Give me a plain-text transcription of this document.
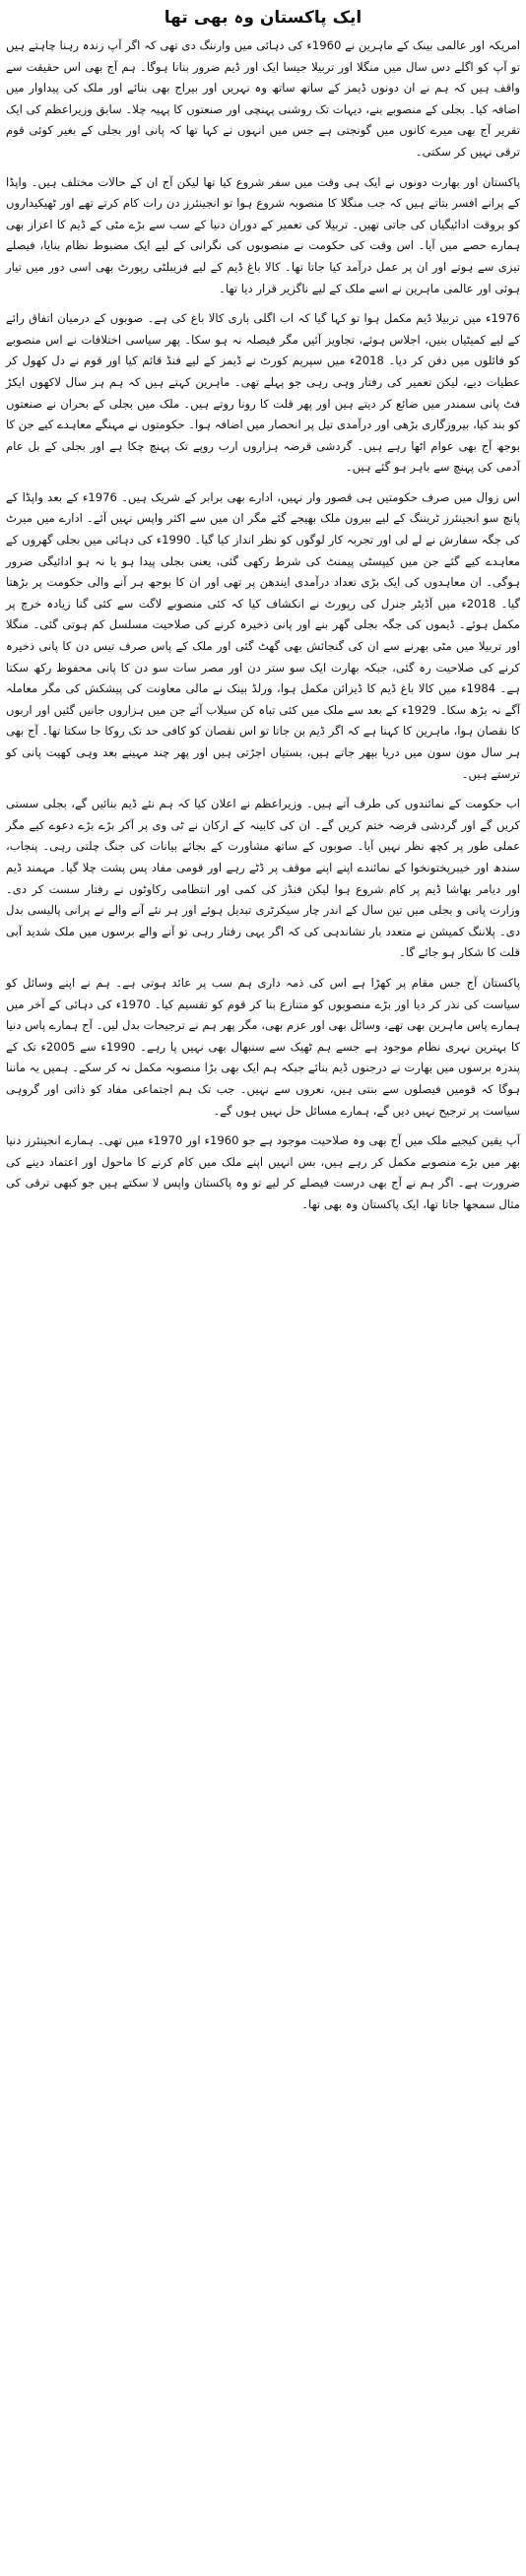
ایک پاکستان وہ بھی تھا

امریکہ اور عالمی بینک کے ماہرین نے 1960ء کی دہائی میں وارننگ دی تھی کہ اگر آپ زندہ رہنا چاہتے ہیں تو آپ کو اگلے دس سال میں منگلا اور تربیلا جیسا ایک اور ڈیم ضرور بنانا ہوگا۔ ہم آج بھی اس حقیقت سے واقف ہیں کہ ہم نے ان دونوں ڈیمز کے ساتھ ساتھ وہ نہریں اور بیراج بھی بنائے اور ملک کی پیداوار میں اضافہ کیا۔ بجلی کے منصوبے بنے، دیہات تک روشنی پہنچی اور صنعتوں کا پہیہ چلا۔ سابق وزیراعظم کی ایک تقریر آج بھی میرے کانوں میں گونجتی ہے جس میں انہوں نے کہا تھا کہ پانی اور بجلی کے بغیر کوئی قوم ترقی نہیں کر سکتی۔

پاکستان اور بھارت دونوں نے ایک ہی وقت میں سفر شروع کیا تھا لیکن آج ان کے حالات مختلف ہیں۔ واپڈا کے پرانے افسر بتاتے ہیں کہ جب منگلا کا منصوبہ شروع ہوا تو انجینئرز دن رات کام کرتے تھے اور ٹھیکیداروں کو بروقت ادائیگیاں کی جاتی تھیں۔ تربیلا کی تعمیر کے دوران دنیا کے سب سے بڑے مٹی کے ڈیم کا اعزاز بھی ہمارے حصے میں آیا۔ اس وقت کی حکومت نے منصوبوں کی نگرانی کے لیے ایک مضبوط نظام بنایا، فیصلے تیزی سے ہوتے اور ان پر عمل درآمد کیا جاتا تھا۔ کالا باغ ڈیم کے لیے فزیبلٹی رپورٹ بھی اسی دور میں تیار ہوئی اور عالمی ماہرین نے اسے ملک کے لیے ناگزیر قرار دیا تھا۔

1976ء میں تربیلا ڈیم مکمل ہوا تو کہا گیا کہ اب اگلی باری کالا باغ کی ہے۔ صوبوں کے درمیان اتفاق رائے کے لیے کمیٹیاں بنیں، اجلاس ہوئے، تجاویز آئیں مگر فیصلہ نہ ہو سکا۔ پھر سیاسی اختلافات نے اس منصوبے کو فائلوں میں دفن کر دیا۔ 2018ء میں سپریم کورٹ نے ڈیمز کے لیے فنڈ قائم کیا اور قوم نے دل کھول کر عطیات دیے، لیکن تعمیر کی رفتار وہی رہی جو پہلے تھی۔ ماہرین کہتے ہیں کہ ہم ہر سال لاکھوں ایکڑ فٹ پانی سمندر میں ضائع کر دیتے ہیں اور پھر قلت کا رونا روتے ہیں۔ ملک میں بجلی کے بحران نے صنعتوں کو بند کیا، بیروزگاری بڑھی اور درآمدی تیل پر انحصار میں اضافہ ہوا۔ حکومتوں نے مہنگے معاہدے کیے جن کا بوجھ آج بھی عوام اٹھا رہے ہیں۔ گردشی قرضہ ہزاروں ارب روپے تک پہنچ چکا ہے اور بجلی کے بل عام آدمی کی پہنچ سے باہر ہو گئے ہیں۔

اس زوال میں صرف حکومتیں ہی قصور وار نہیں، ادارے بھی برابر کے شریک ہیں۔ 1976ء کے بعد واپڈا کے پانچ سو انجینئرز ٹریننگ کے لیے بیرون ملک بھیجے گئے مگر ان میں سے اکثر واپس نہیں آئے۔ ادارے میں میرٹ کی جگہ سفارش نے لے لی اور تجربہ کار لوگوں کو نظر انداز کیا گیا۔ 1990ء کی دہائی میں بجلی گھروں کے معاہدے کیے گئے جن میں کیپسٹی پیمنٹ کی شرط رکھی گئی، یعنی بجلی پیدا ہو یا نہ ہو ادائیگی ضرور ہوگی۔ ان معاہدوں کی ایک بڑی تعداد درآمدی ایندھن پر تھی اور ان کا بوجھ ہر آنے والی حکومت پر بڑھتا گیا۔ 2018ء میں آڈیٹر جنرل کی رپورٹ نے انکشاف کیا کہ کئی منصوبے لاگت سے کئی گنا زیادہ خرچ پر مکمل ہوئے۔ ڈیموں کی جگہ بجلی گھر بنے اور پانی ذخیرہ کرنے کی صلاحیت مسلسل کم ہوتی گئی۔ منگلا اور تربیلا میں مٹی بھرنے سے ان کی گنجائش بھی گھٹ گئی اور ملک کے پاس صرف تیس دن کا پانی ذخیرہ کرنے کی صلاحیت رہ گئی، جبکہ بھارت ایک سو ستر دن اور مصر سات سو دن کا پانی محفوظ رکھ سکتا ہے۔ 1984ء میں کالا باغ ڈیم کا ڈیزائن مکمل ہوا، ورلڈ بینک نے مالی معاونت کی پیشکش کی مگر معاملہ آگے نہ بڑھ سکا۔ 1929ء کے بعد سے ملک میں کئی تباہ کن سیلاب آئے جن میں ہزاروں جانیں گئیں اور اربوں کا نقصان ہوا، ماہرین کا کہنا ہے کہ اگر ڈیم بن جاتا تو اس نقصان کو کافی حد تک روکا جا سکتا تھا۔ آج بھی ہر سال مون سون میں دریا بپھر جاتے ہیں، بستیاں اجڑتی ہیں اور پھر چند مہینے بعد وہی کھیت پانی کو ترستے ہیں۔

اب حکومت کے نمائندوں کی طرف آتے ہیں۔ وزیراعظم نے اعلان کیا کہ ہم نئے ڈیم بنائیں گے، بجلی سستی کریں گے اور گردشی قرضہ ختم کریں گے۔ ان کی کابینہ کے ارکان نے ٹی وی پر آکر بڑے بڑے دعوے کیے مگر عملی طور پر کچھ نظر نہیں آیا۔ صوبوں کے ساتھ مشاورت کے بجائے بیانات کی جنگ چلتی رہی۔ پنجاب، سندھ اور خیبرپختونخوا کے نمائندے اپنے اپنے موقف پر ڈٹے رہے اور قومی مفاد پس پشت چلا گیا۔ مہمند ڈیم اور دیامر بھاشا ڈیم پر کام شروع ہوا لیکن فنڈز کی کمی اور انتظامی رکاوٹوں نے رفتار سست کر دی۔ وزارت پانی و بجلی میں تین سال کے اندر چار سیکرٹری تبدیل ہوئے اور ہر نئے آنے والے نے پرانی پالیسی بدل دی۔ پلاننگ کمیشن نے متعدد بار نشاندہی کی کہ اگر یہی رفتار رہی تو آنے والے برسوں میں ملک شدید آبی قلت کا شکار ہو جائے گا۔

پاکستان آج جس مقام پر کھڑا ہے اس کی ذمہ داری ہم سب پر عائد ہوتی ہے۔ ہم نے اپنے وسائل کو سیاست کی نذر کر دیا اور بڑے منصوبوں کو متنازع بنا کر قوم کو تقسیم کیا۔ 1970ء کی دہائی کے آخر میں ہمارے پاس ماہرین بھی تھے، وسائل بھی اور عزم بھی، مگر پھر ہم نے ترجیحات بدل لیں۔ آج ہمارے پاس دنیا کا بہترین نہری نظام موجود ہے جسے ہم ٹھیک سے سنبھال بھی نہیں پا رہے۔ 1990ء سے 2005ء تک کے پندرہ برسوں میں بھارت نے درجنوں ڈیم بنائے جبکہ ہم ایک بھی بڑا منصوبہ مکمل نہ کر سکے۔ ہمیں یہ ماننا ہوگا کہ قومیں فیصلوں سے بنتی ہیں، نعروں سے نہیں۔ جب تک ہم اجتماعی مفاد کو ذاتی اور گروہی سیاست پر ترجیح نہیں دیں گے، ہمارے مسائل حل نہیں ہوں گے۔

آپ یقین کیجیے ملک میں آج بھی وہ صلاحیت موجود ہے جو 1960ء اور 1970ء میں تھی۔ ہمارے انجینئرز دنیا بھر میں بڑے منصوبے مکمل کر رہے ہیں، بس انہیں اپنے ملک میں کام کرنے کا ماحول اور اعتماد دینے کی ضرورت ہے۔ اگر ہم نے آج بھی درست فیصلے کر لیے تو وہ پاکستان واپس لا سکتے ہیں جو کبھی ترقی کی مثال سمجھا جاتا تھا، ایک پاکستان وہ بھی تھا۔
